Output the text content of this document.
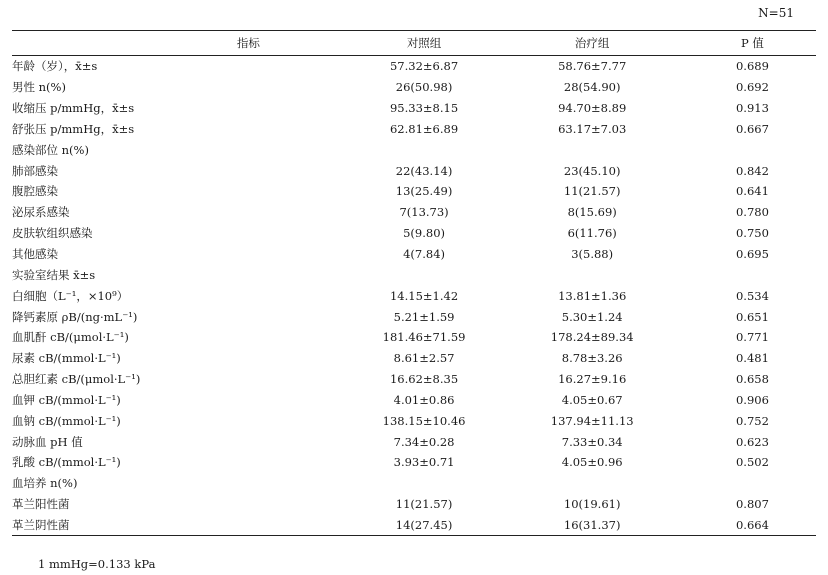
N=51
指标	对照组	治疗组	P 值
年龄（岁），x̄±s	57.32±6.87	58.76±7.77	0.689
男性 n(%)	26(50.98)	28(54.90)	0.692
收缩压 p/mmHg，x̄±s	95.33±8.15	94.70±8.89	0.913
舒张压 p/mmHg，x̄±s	62.81±6.89	63.17±7.03	0.667
感染部位 n(%)			
肺部感染	22(43.14)	23(45.10)	0.842
腹腔感染	13(25.49)	11(21.57)	0.641
泌尿系感染	7(13.73)	8(15.69)	0.780
皮肤软组织感染	5(9.80)	6(11.76)	0.750
其他感染	4(7.84)	3(5.88)	0.695
实验室结果 x̄±s			
白细胞（L⁻¹，×10⁹）	14.15±1.42	13.81±1.36	0.534
降钙素原 ρB/(ng·mL⁻¹)	5.21±1.59	5.30±1.24	0.651
血肌酐 cB/(μmol·L⁻¹)	181.46±71.59	178.24±89.34	0.771
尿素 cB/(mmol·L⁻¹)	8.61±2.57	8.78±3.26	0.481
总胆红素 cB/(μmol·L⁻¹)	16.62±8.35	16.27±9.16	0.658
血钾 cB/(mmol·L⁻¹)	4.01±0.86	4.05±0.67	0.906
血钠 cB/(mmol·L⁻¹)	138.15±10.46	137.94±11.13	0.752
动脉血 pH 值	7.34±0.28	7.33±0.34	0.623
乳酸 cB/(mmol·L⁻¹)	3.93±0.71	4.05±0.96	0.502
血培养 n(%)			
革兰阳性菌	11(21.57)	10(19.61)	0.807
革兰阴性菌	14(27.45)	16(31.37)	0.664
1 mmHg=0.133 kPa
